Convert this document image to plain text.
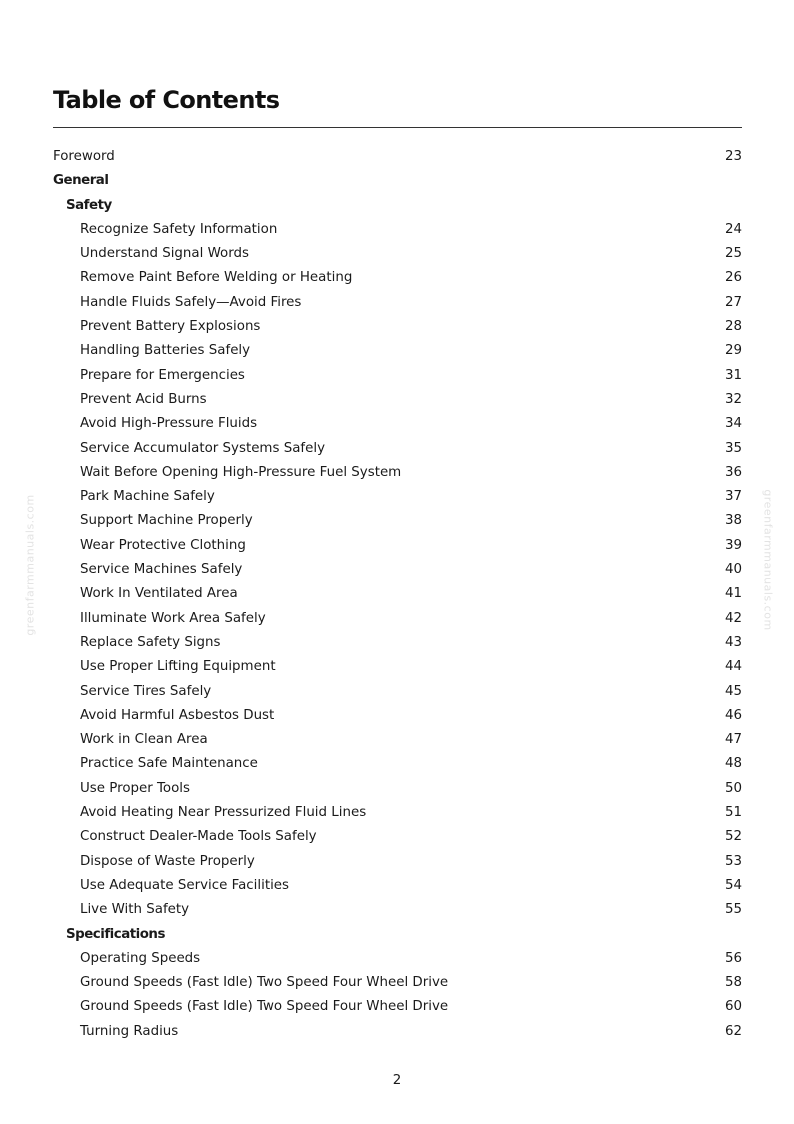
greenfarmmanuals.com	greenfarmmanuals.com
Table of Contents
Foreword	23
General
Safety
Recognize Safety Information	24
Understand Signal Words	25
Remove Paint Before Welding or Heating	26
Handle Fluids Safely—Avoid Fires	27
Prevent Battery Explosions	28
Handling Batteries Safely	29
Prepare for Emergencies	31
Prevent Acid Burns	32
Avoid High-Pressure Fluids	34
Service Accumulator Systems Safely	35
Wait Before Opening High-Pressure Fuel System	36
Park Machine Safely	37
Support Machine Properly	38
Wear Protective Clothing	39
Service Machines Safely	40
Work In Ventilated Area	41
Illuminate Work Area Safely	42
Replace Safety Signs	43
Use Proper Lifting Equipment	44
Service Tires Safely	45
Avoid Harmful Asbestos Dust	46
Work in Clean Area	47
Practice Safe Maintenance	48
Use Proper Tools	50
Avoid Heating Near Pressurized Fluid Lines	51
Construct Dealer-Made Tools Safely	52
Dispose of Waste Properly	53
Use Adequate Service Facilities	54
Live With Safety	55
Specifications
Operating Speeds	56
Ground Speeds (Fast Idle) Two Speed Four Wheel Drive	58
Ground Speeds (Fast Idle) Two Speed Four Wheel Drive	60
Turning Radius	62
2
